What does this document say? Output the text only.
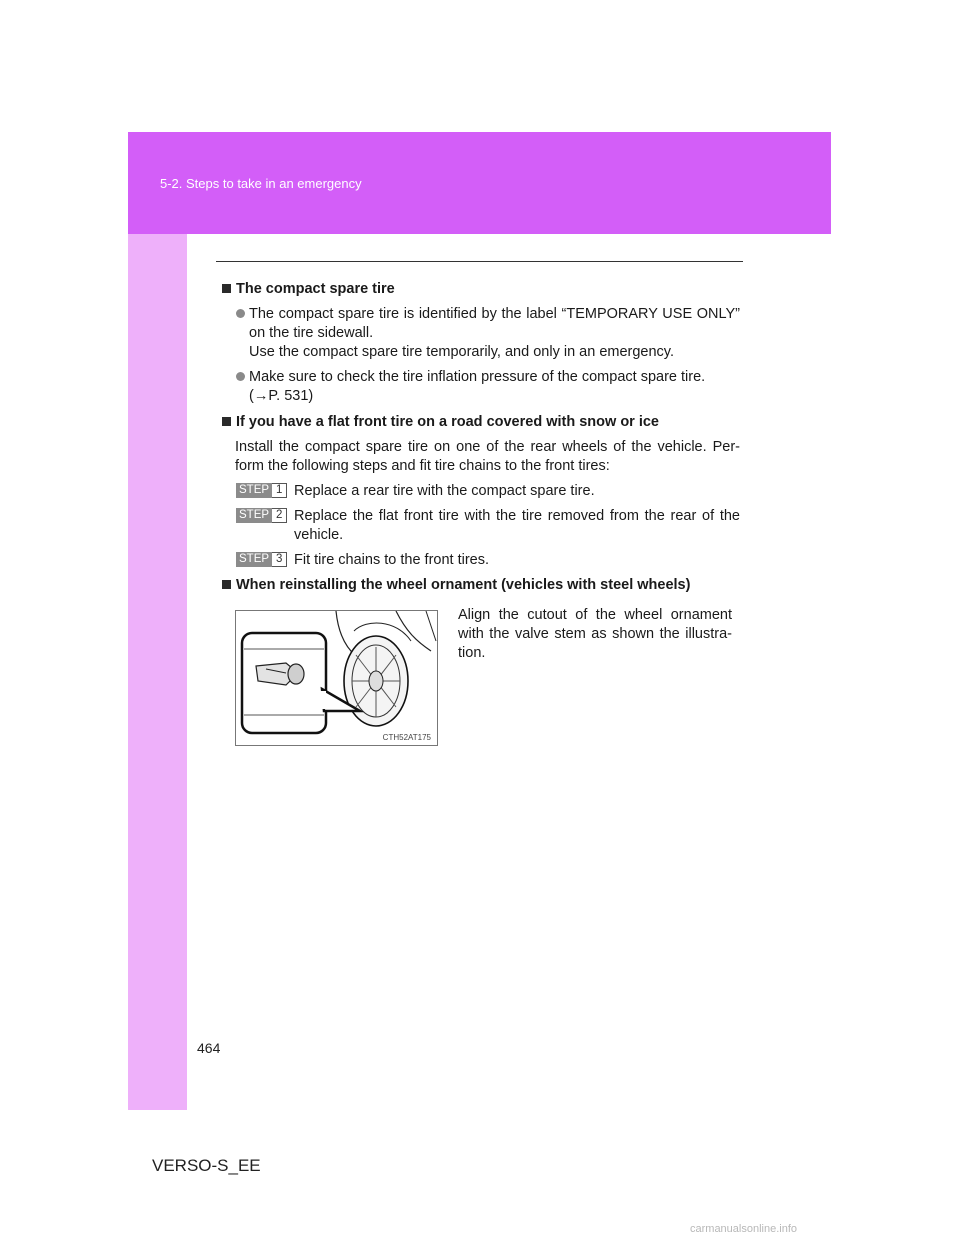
5-2. Steps to take in an emergency
The compact spare tire
The compact spare tire is identified by the label “TEMPORARY USE ONLY” on the tire sidewall.
Use the compact spare tire temporarily, and only in an emergency.
Make sure to check the tire inflation pressure of the compact spare tire.
(→P. 531)
If you have a flat front tire on a road covered with snow or ice
Install the compact spare tire on one of the rear wheels of the vehicle. Per-form the following steps and fit tire chains to the front tires:
STEP 1 Replace a rear tire with the compact spare tire.
STEP 2 Replace the flat front tire with the tire removed from the rear of the vehicle.
STEP 3 Fit tire chains to the front tires.
When reinstalling the wheel ornament (vehicles with steel wheels)
CTH52AT175
Align the cutout of the wheel ornament with the valve stem as shown the illustra-tion.
464
VERSO-S_EE
carmanualsonline.info
